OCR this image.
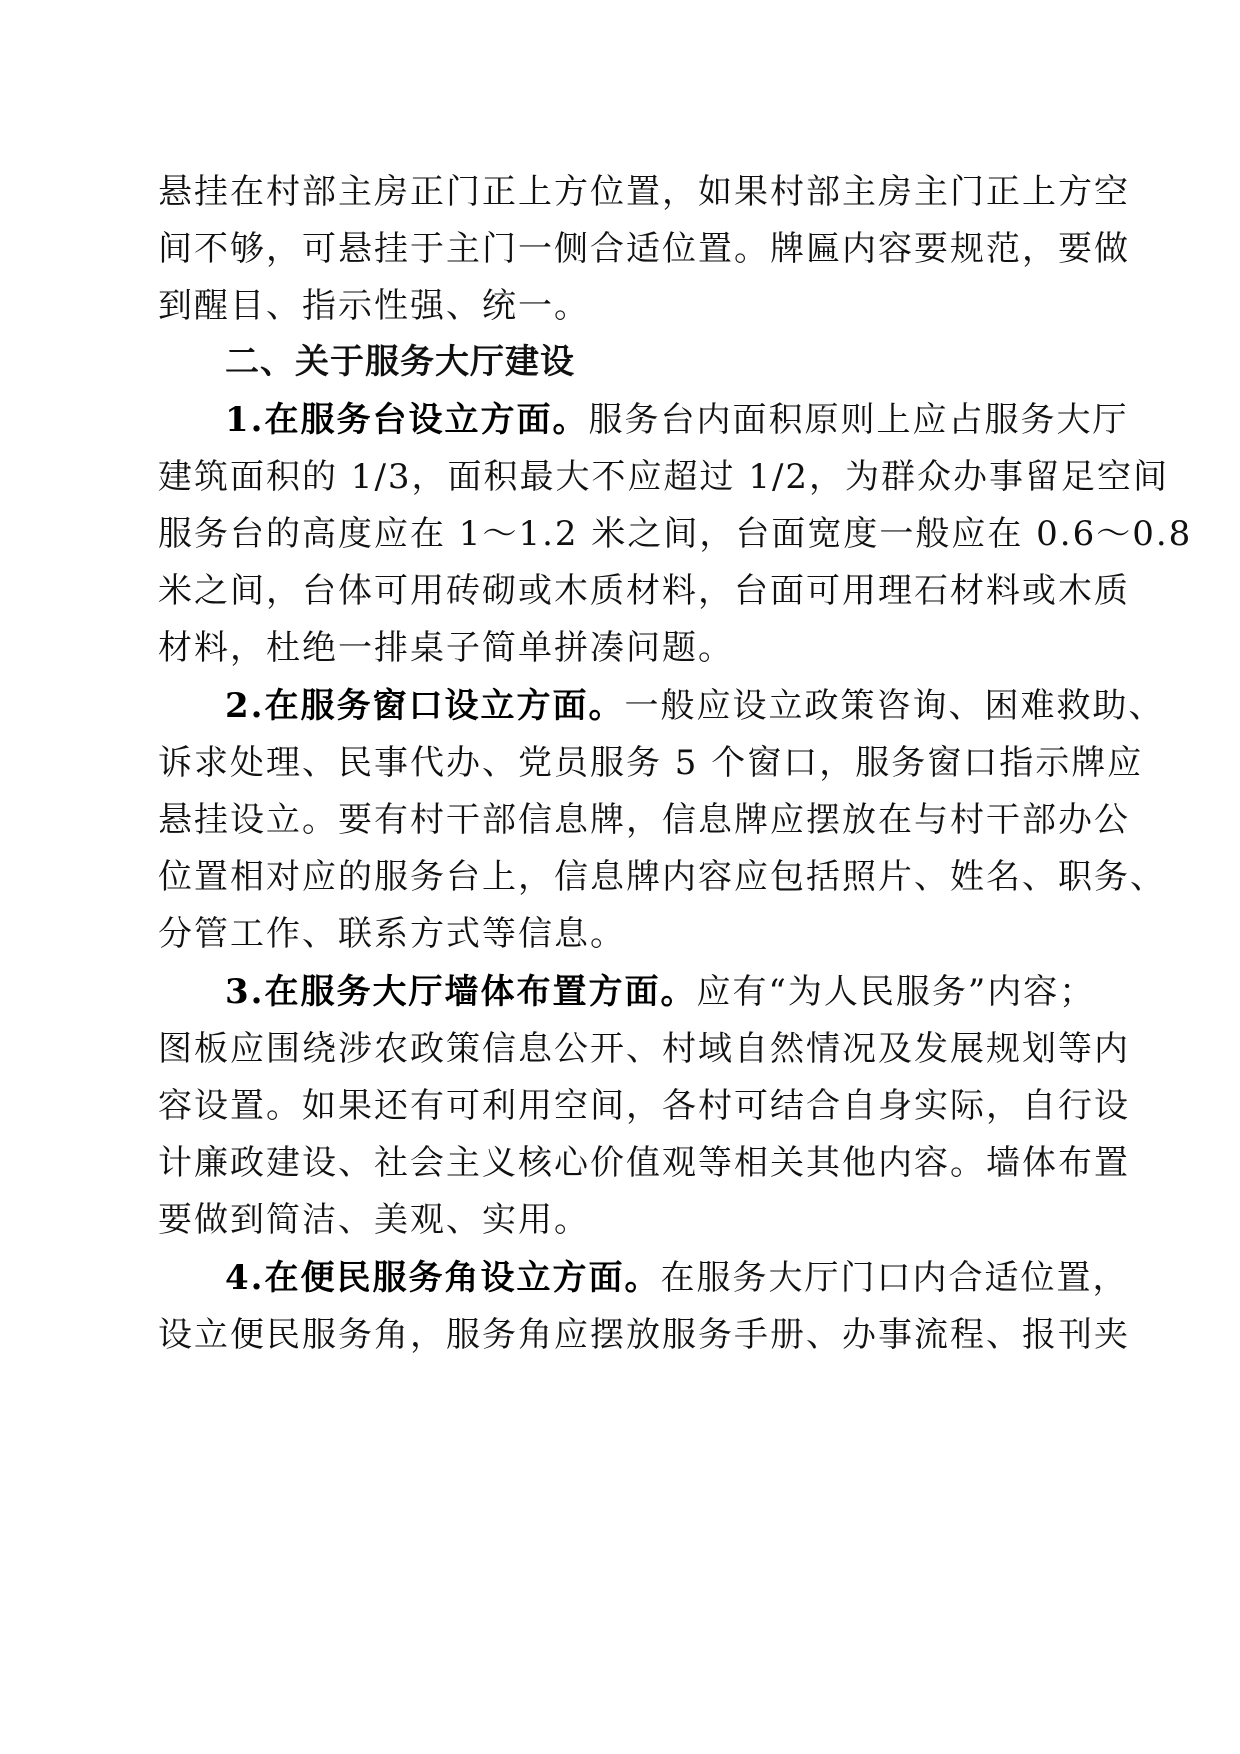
悬挂在村部主房正门正上方位置，如果村部主房主门正上方空
间不够，可悬挂于主门一侧合适位置。牌匾内容要规范，要做
到醒目、指示性强、统一。
二、关于服务大厅建设
1.在服务台设立方面。服务台内面积原则上应占服务大厅
建筑面积的 1/3，面积最大不应超过 1/2，为群众办事留足空间
服务台的高度应在 1～1.2 米之间，台面宽度一般应在 0.6～0.8
米之间，台体可用砖砌或木质材料，台面可用理石材料或木质
材料，杜绝一排桌子简单拼凑问题。
2.在服务窗口设立方面。一般应设立政策咨询、困难救助、
诉求处理、民事代办、党员服务 5 个窗口，服务窗口指示牌应
悬挂设立。要有村干部信息牌，信息牌应摆放在与村干部办公
位置相对应的服务台上，信息牌内容应包括照片、姓名、职务、
分管工作、联系方式等信息。
3.在服务大厅墙体布置方面。应有“为人民服务”内容；
图板应围绕涉农政策信息公开、村域自然情况及发展规划等内
容设置。如果还有可利用空间，各村可结合自身实际，自行设
计廉政建设、社会主义核心价值观等相关其他内容。墙体布置
要做到简洁、美观、实用。
4.在便民服务角设立方面。在服务大厅门口内合适位置，
设立便民服务角，服务角应摆放服务手册、办事流程、报刊夹
